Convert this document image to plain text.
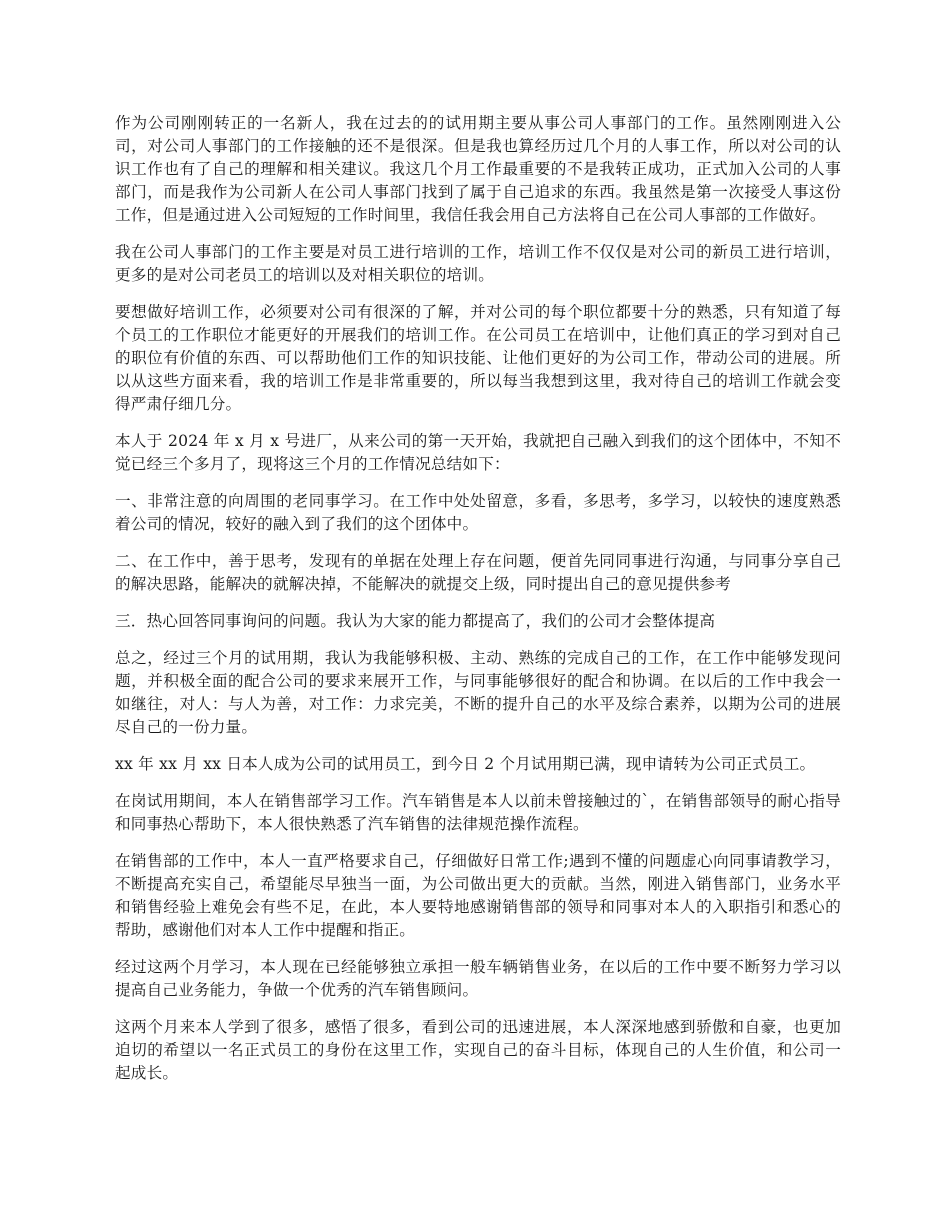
作为公司刚刚转正的一名新人，我在过去的的试用期主要从事公司人事部门的工作。虽然刚刚进入公司，对公司人事部门的工作接触的还不是很深。但是我也算经历过几个月的人事工作，所以对公司的认识工作也有了自己的理解和相关建议。我这几个月工作最重要的不是我转正成功，正式加入公司的人事部门，而是我作为公司新人在公司人事部门找到了属于自己追求的东西。我虽然是第一次接受人事这份工作，但是通过进入公司短短的工作时间里，我信任我会用自己方法将自己在公司人事部的工作做好。

我在公司人事部门的工作主要是对员工进行培训的工作，培训工作不仅仅是对公司的新员工进行培训，更多的是对公司老员工的培训以及对相关职位的培训。

要想做好培训工作，必须要对公司有很深的了解，并对公司的每个职位都要十分的熟悉，只有知道了每个员工的工作职位才能更好的开展我们的培训工作。在公司员工在培训中，让他们真正的学习到对自己的职位有价值的东西、可以帮助他们工作的知识技能、让他们更好的为公司工作，带动公司的进展。所以从这些方面来看，我的培训工作是非常重要的，所以每当我想到这里，我对待自己的培训工作就会变得严肃仔细几分。

本人于 2024 年 x 月 x 号进厂，从来公司的第一天开始，我就把自己融入到我们的这个团体中，不知不觉已经三个多月了，现将这三个月的工作情况总结如下：

一、非常注意的向周围的老同事学习。在工作中处处留意，多看，多思考，多学习，以较快的速度熟悉着公司的情况，较好的融入到了我们的这个团体中。

二、在工作中，善于思考，发现有的单据在处理上存在问题，便首先同同事进行沟通，与同事分享自己的解决思路，能解决的就解决掉，不能解决的就提交上级，同时提出自己的意见提供参考

三．热心回答同事询问的问题。我认为大家的能力都提高了，我们的公司才会整体提高

总之，经过三个月的试用期，我认为我能够积极、主动、熟练的完成自己的工作，在工作中能够发现问题，并积极全面的配合公司的要求来展开工作，与同事能够很好的配合和协调。在以后的工作中我会一如继往，对人：与人为善，对工作：力求完美，不断的提升自己的水平及综合素养，以期为公司的进展尽自己的一份力量。

xx 年 xx 月 xx 日本人成为公司的试用员工，到今日 2 个月试用期已满，现申请转为公司正式员工。

在岗试用期间，本人在销售部学习工作。汽车销售是本人以前未曾接触过的`，在销售部领导的耐心指导和同事热心帮助下，本人很快熟悉了汽车销售的法律规范操作流程。

在销售部的工作中，本人一直严格要求自己，仔细做好日常工作;遇到不懂的问题虚心向同事请教学习，不断提高充实自己，希望能尽早独当一面，为公司做出更大的贡献。当然，刚进入销售部门，业务水平和销售经验上难免会有些不足，在此，本人要特地感谢销售部的领导和同事对本人的入职指引和悉心的帮助，感谢他们对本人工作中提醒和指正。

经过这两个月学习，本人现在已经能够独立承担一般车辆销售业务，在以后的工作中要不断努力学习以提高自己业务能力，争做一个优秀的汽车销售顾问。

这两个月来本人学到了很多，感悟了很多，看到公司的迅速进展，本人深深地感到骄傲和自豪，也更加迫切的希望以一名正式员工的身份在这里工作，实现自己的奋斗目标，体现自己的人生价值，和公司一起成长。
